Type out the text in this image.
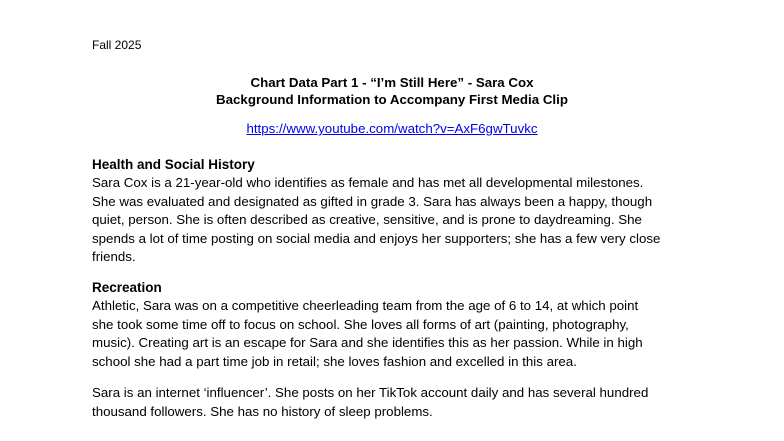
Fall 2025
Chart Data Part 1 - “I’m Still Here” - Sara Cox
Background Information to Accompany First Media Clip
https://www.youtube.com/watch?v=AxF6gwTuvkc
Health and Social History
Sara Cox is a 21-year-old who identifies as female and has met all developmental milestones.
She was evaluated and designated as gifted in grade 3. Sara has always been a happy, though
quiet, person. She is often described as creative, sensitive, and is prone to daydreaming. She
spends a lot of time posting on social media and enjoys her supporters; she has a few very close
friends.
Recreation
Athletic, Sara was on a competitive cheerleading team from the age of 6 to 14, at which point
she took some time off to focus on school. She loves all forms of art (painting, photography,
music). Creating art is an escape for Sara and she identifies this as her passion. While in high
school she had a part time job in retail; she loves fashion and excelled in this area.
Sara is an internet ‘influencer’. She posts on her TikTok account daily and has several hundred
thousand followers. She has no history of sleep problems.
